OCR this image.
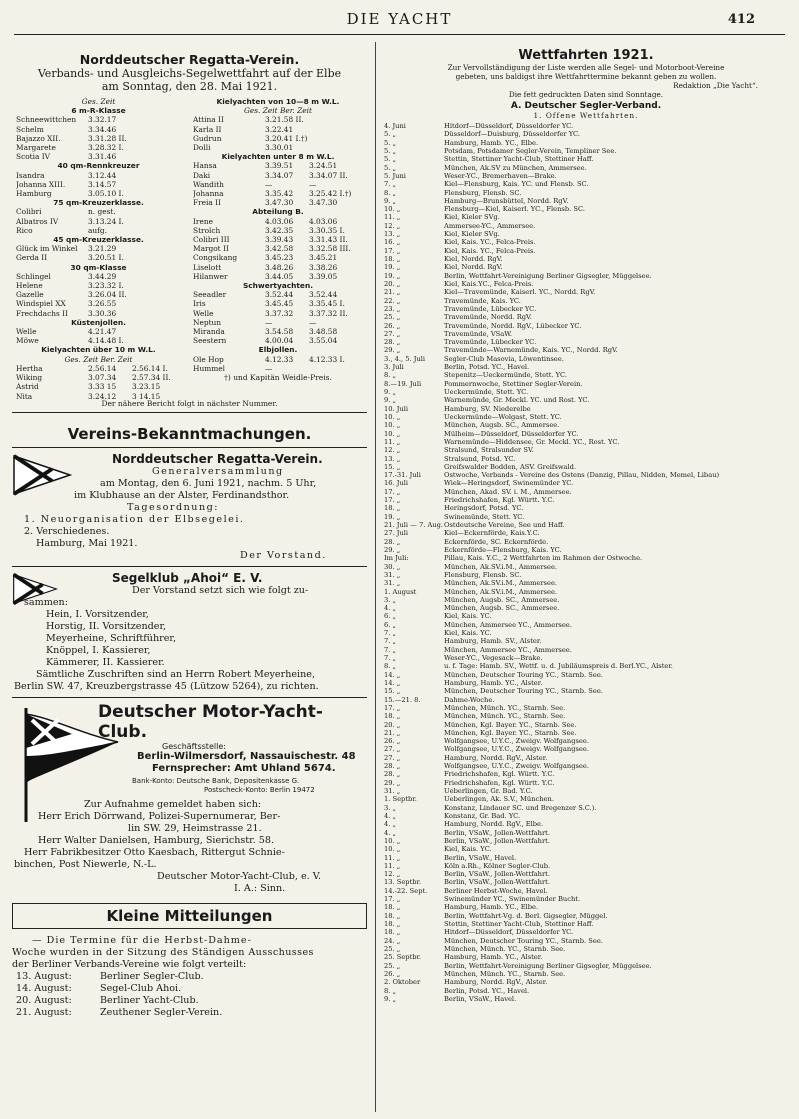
DIE YACHT	412
Norddeutscher Regatta-Verein.
Verbands- und Ausgleichs-Segelwettfahrt auf der Elbe
am Sonntag, den 28. Mai 1921.
Ges. Zeit
6 m-R-Klasse
Schneewittchen	3.32.17
Schelm	3.34.46
Bajazzo XII.	3.31.28 II.
Margarete	3.28.32 I.
Scotia IV	3.31.46
40 qm-Rennkreuzer
Isandra	3.12.44
Johanna XIII.	3.14.57
Hamburg	3.05.10 I.
75 qm-Kreuzerklasse.
Colibri	n. gest.
Albatros IV	3.13.24 I.
Rico	aufg.
45 qm-Kreuzerklasse.
Glück im Winkel	3.21.29
Gerda II	3.20.51 I.
30 qm-Klasse
Schlingel	3.44.29
Helene	3.23.32 I.
Gazelle	3.26.04 II.
Windspiel XX	3.26.55
Frechdachs II	3.30.36
Küstenjollen.
Welle	4.21.47
Möwe	4.14.48 I.
Kielyachten über 10 m W.L.
Ges. Zeit Ber. Zeit
Hertha	2.56.14	2.56.14 I.
Wiking	3.07.34	2.57.34 II.
Astrid	3.33 15	3.23.15
Nita	3.24.12	3 14.15
Kielyachten von 10—8 m W.L.
Ges. Zeit Ber. Zeit
Attina II	3.21.58 II.
Karla II	3.22.41
Gudrun	3.20.41 I.†)
Dolli	3.30.01
Kielyachten unter 8 m W.L.
Hansa	3.39.51	3.24.51
Daki	3.34.07	3.34.07 II.
Wandith	—	—
Johanna	3.35.42	3.25.42 I.†)
Freia II	3.47.30	3.47.30
Abteilung B.
Irene	4.03.06	4.03.06
Strolch	3.42.35	3.30.35 I.
Colibri III	3.39.43	3.31.43 II.
Margot II	3.42.58	3.32.58 III.
Congsikang	3.45.23	3.45.21
Liselott	3.48.26	3.38.26
Hilanwer	3.44.05	3.39.05
Schwertyachten.
Seeadler	3.52.44	3.52.44
Iris	3.45.45	3.35.45 I.
Welle	3.37.32	3.37.32 II.
Neptun	—	—
Miranda	3.54.58	3.48.58
Seestern	4.00.04	3.55.04
Elbjollen.
Ole Hop	4.12.33	4.12.33 I.
Hummel	—
†) und Kapitän Weidle-Preis.
Der nähere Bericht folgt in nächster Nummer.
Vereins-Bekanntmachungen.
Norddeutscher Regatta-Verein.
Generalversammlung
am Montag, den 6. Juni 1921, nachm. 5 Uhr,
im Klubhause an der Alster, Ferdinandsthor.
Tagesordnung:
1. Neuorganisation der Elbsegelei.
2. Verschiedenes.
Hamburg, Mai 1921.
Der Vorstand.
Segelklub „Ahoi“ E. V.
Der Vorstand setzt sich wie folgt zu-
sammen:
Hein, I. Vorsitzender,
Horstig, II. Vorsitzender,
Meyerheine, Schriftführer,
Knöppel, I. Kassierer,
Kämmerer, II. Kassierer.
Sämtliche Zuschriften sind an Herrn Robert Meyerheine,
Berlin SW. 47, Kreuzbergstrasse 45 (Lützow 5264), zu richten.
Deutscher Motor-Yacht-Club.
Geschäftsstelle:
Berlin-Wilmersdorf, Nassauischestr. 48
Fernsprecher: Amt Uhland 5674.
Bank-Konto: Deutsche Bank, Depositenkasse G.
Postscheck-Konto: Berlin 19472
Zur Aufnahme gemeldet haben sich:
Herr Erich Dörrwand, Polizei-Supernumerar, Ber-
lin SW. 29, Heimstrasse 21.
Herr Walter Danielsen, Hamburg, Sierichstr. 58.
Herr Fabrikbesitzer Otto Kaesbach, Rittergut Schnie-
binchen, Post Niewerle, N.-L.
Deutscher Motor-Yacht-Club, e. V.
I. A.: Sinn.
Kleine Mitteilungen
— Die Termine für die Herbst-Dahme-
Woche wurden in der Sitzung des Ständigen Ausschusses
der Berliner Verbands-Vereine wie folgt verteilt:
13. August:	Berliner Segler-Club.
14. August:	Segel-Club Ahoi.
20. August:	Berliner Yacht-Club.
21. August:	Zeuthener Segler-Verein.
Wettfahrten 1921.
Zur Vervollständigung der Liste werden alle Segel- und Motorboot-Vereine
gebeten, uns baldigst ihre Wettfahrttermine bekannt geben zu wollen.
Redaktion „Die Yacht“.
Die fett gedruckten Daten sind Sonntage.
A. Deutscher Segler-Verband.
1. Offene Wettfahrten.
4. Juni	Hitdorf—Düsseldorf, Düsseldorfer YC.
5. „	Düsseldorf—Duisburg, Düsseldorfer YC.
5. „	Hamburg, Hamb. YC., Elbe.
5. „	Potsdam, Potsdamer Segler-Verein, Templiner See.
5. „	Stettin, Stettiner Yacht-Club, Stettiner Haff.
5. „	München, Ak.SV zu München, Ammersee.
5. Juni	Weser-YC., Bremerhaven—Brake.
7. „	Kiel—Flensburg, Kais. YC. und Flensb. SC.
8. „	Flensburg, Flensb. SC.
9. „	Hamburg—Brunsbüttel, Nordd. RgV.
10. „	Flensburg—Kiel, Kaiserl. YC., Flensb. SC.
11. „	Kiel, Kieler SVg.
12. „	Ammersee-YC., Ammersee.
13. „	Kiel, Kieler SVg.
16. „	Kiel, Kais. YC., Felca-Preis.
17. „	Kiel, Kais. YC., Felca-Preis.
18. „	Kiel, Nordd. RgV.
19. „	Kiel, Nordd. RgV.
19. „	Berlin, Wettfahrt-Vereinigung Berliner Gigsegler, Müggelsee.
20. „	Kiel, Kais.YC., Felca-Preis.
21. „	Kiel—Travemünde, Kaiserl. YC., Nordd. RgV.
22. „	Travemünde, Kais. YC.
23. „	Travemünde, Lübecker YC.
25. „	Travemünde, Nordd. RgV.
26. „	Travemünde, Nordd. RgV., Lübecker YC.
27. „	Travemünde, VSaW.
28. „	Travemünde, Lübecker YC.
29. „	Travemünde—Warnemünde, Kais. YC., Nordd. RgV.
3., 4., 5. Juli	Segler-Club Masovia, Löwentinsee.
3. Juli	Berlin, Potsd. YC., Havel.
8. „	Stepenitz—Ueckermünde, Stett. YC.
8.—19. Juli	Pommernwoche, Stettiner Segler-Verein.
9. „	Ueckermünde, Stett. YC.
9. „	Warnemünde, Gr. Meckl. YC. und Rost. YC.
10. Juli	Hamburg, SV. Niederelbe
10. „	Ueckermünde—Wolgast, Stett. YC.
10. „	München, Augsb. SC., Ammersee.
10. „	Mülheim—Düsseldorf, Düsseldorfer YC.
11. „	Warnemünde—Hiddensee, Gr. Meckl. YC., Rost. YC.
12. „	Stralsund, Stralsunder SV.
13. „	Stralsund, Potsd. YC.
15. „	Greifswalder Bodden, ASV. Greifswald.
17.-31. Juli	Ostwoche, Verbands - Vereine des Ostens (Danzig, Pillau, Nidden, Memel, Libau)
16. Juli	Wiek—Heringsdorf, Swinemünder YC.
17. „	München, Akad. SV. i. M., Ammersee.
17. „	Friedrichshafen, Kgl. Württ. Y.C.
18. „	Heringsdorf, Potsd. YC.
19. „	Swinemünde, Stett. YC.
21. Juli — 7. Aug. Ostdeutsche Vereine, See und Haff.
27. Juli	Kiel—Eckernförde, Kais.Y.C.
28. „	Eckernförde, SC. Eckernförde.
29. „	Eckernförde—Flensburg, Kais. YC.
Im Juli:	Pillau, Kais. Y.C., 2 Wettfahrten im Rahmen der Ostwoche.
30. „	München, Ak.SV.i.M., Ammersee.
31. „	Flensburg, Flensb. SC.
31. „	München, Ak.SV.i.M., Ammersee.
1. August	München, Ak.SV.i.M., Ammersee.
3. „	München, Augsb. SC., Ammersee.
4. „	München, Augsb. SC., Ammersee.
6. „	Kiel, Kais. YC.
6. „	München, Ammersee YC., Ammersee.
7. „	Kiel, Kais. YC.
7. „	Hamburg, Hamb. SV., Alster.
7. „	München, Ammersee YC., Ammersee.
7. „	Weser-YC., Vegesack—Brake.
8. „	u. f. Tage: Hamb. SV., Wettf. u. d. Jubiläumspreis d. Berl.YC., Alster.
14. „	München, Deutscher Touring YC., Starnb. See.
14. „	Hamburg, Hamb. YC., Alster.
15. „	München, Deutscher Touring YC., Starnb. See.
15.—21. 8.	Dahme-Woche.
17. „	München, Münch. YC., Starnb. See.
18. „	München, Münch. YC., Starnb. See.
20. „	München, Kgl. Bayer. YC., Starnb. See.
21. „	München, Kgl. Bayer. YC., Starnb. See.
26. „	Wolfgangsee, U.Y.C., Zweigv. Wolfgangsee.
27. „	Wolfgangsee, U.Y.C., Zweigv. Wolfgangsee.
27. „	Hamburg, Nordd. RgV., Alster.
28. „	Wolfgangsee, U.Y.C., Zweigv. Wolfgangsee.
28. „	Friedrichshafen, Kgl. Württ. Y.C.
29. „	Friedrichshafen, Kgl. Württ. Y.C.
31. „	Ueberlingen, Gr. Bad. Y.C.
1. Septbr.	Ueberlingen, Ak. S.V., München.
3. „	Konstanz, Lindauer SC. und Bregenzer S.C.).
4. „	Konstanz, Gr. Bad. YC.
4. „	Hamburg, Nordd. RgV., Elbe.
4. „	Berlin, VSaW., Jollen-Wettfahrt.
10. „	Berlin, VSaW., Jollen-Wettfahrt.
10. „	Kiel, Kais. YC.
11. „	Berlin, VSaW., Havel.
11. „	Köln a.Rh., Kölner Segler-Club.
12. „	Berlin, VSaW., Jollen-Wettfahrt.
13. Septbr.	Berlin, VSaW., Jollen-Wettfahrt.
14.-22. Sept.	Berliner Herbst-Woche, Havel.
17. „	Swinemünder YC., Swinemünder Bucht.
18. „	Hamburg, Hamb. YC., Elbe.
18. „	Berlin, Wettfahrt-Vg. d. Berl. Gigsegler, Müggel.
18. „	Stettin, Stettiner Yacht-Club, Stettiner Haff.
18. „	Hitdorf—Düsseldorf, Düsseldorfer YC.
24. „	München, Deutscher Touring YC., Starnb. See.
25. „	München, Münch. YC., Starnb. See.
25. Septbr.	Hamburg, Hamb. YC., Alster.
25. „	Berlin, Wettfahrt-Vereinigung Berliner Gigsegler, Müggelsee.
26. „	München, Münch. YC., Starnb. See.
2. Oktober	Hamburg, Nordd. RgV., Alster.
8. „	Berlin, Potsd. YC., Havel.
9. „	Berlin, VSaW., Havel.
